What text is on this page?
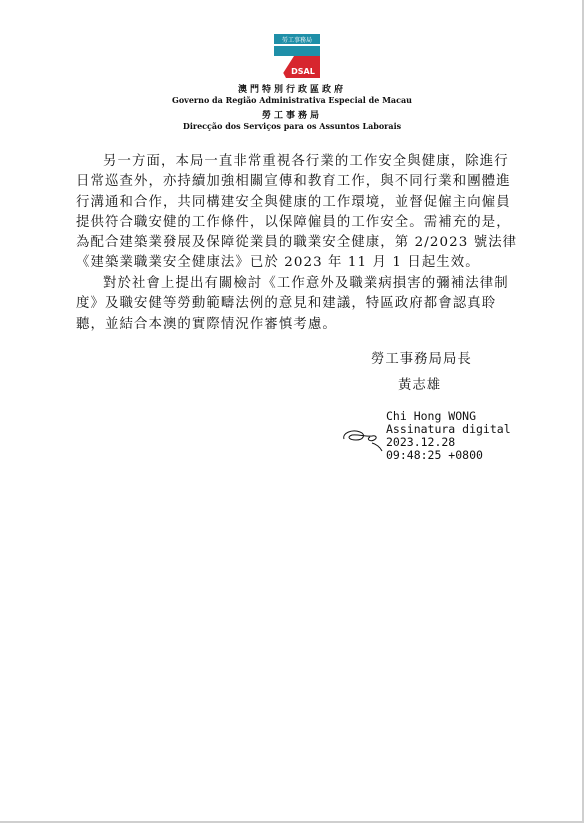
勞工事務局
DSAL
澳門特別行政區政府
Governo da Região Administrativa Especial de Macau
勞工事務局
Direcção dos Serviços para os Assuntos Laborais
另一方面，本局一直非常重視各行業的工作安全與健康，除進行
日常巡查外，亦持續加強相關宣傳和教育工作，與不同行業和團體進
行溝通和合作，共同構建安全與健康的工作環境，並督促僱主向僱員
提供符合職安健的工作條件，以保障僱員的工作安全。需補充的是，
為配合建築業發展及保障從業員的職業安全健康，第 2/2023 號法律
《建築業職業安全健康法》已於 2023 年 11 月 1 日起生效。
對於社會上提出有關檢討《工作意外及職業病損害的彌補法律制
度》及職安健等勞動範疇法例的意見和建議，特區政府都會認真聆
聽，並結合本澳的實際情況作審慎考慮。
勞工事務局局長
黃志雄
Chi Hong WONG
Assinatura digital
2023.12.28
09:48:25 +0800
